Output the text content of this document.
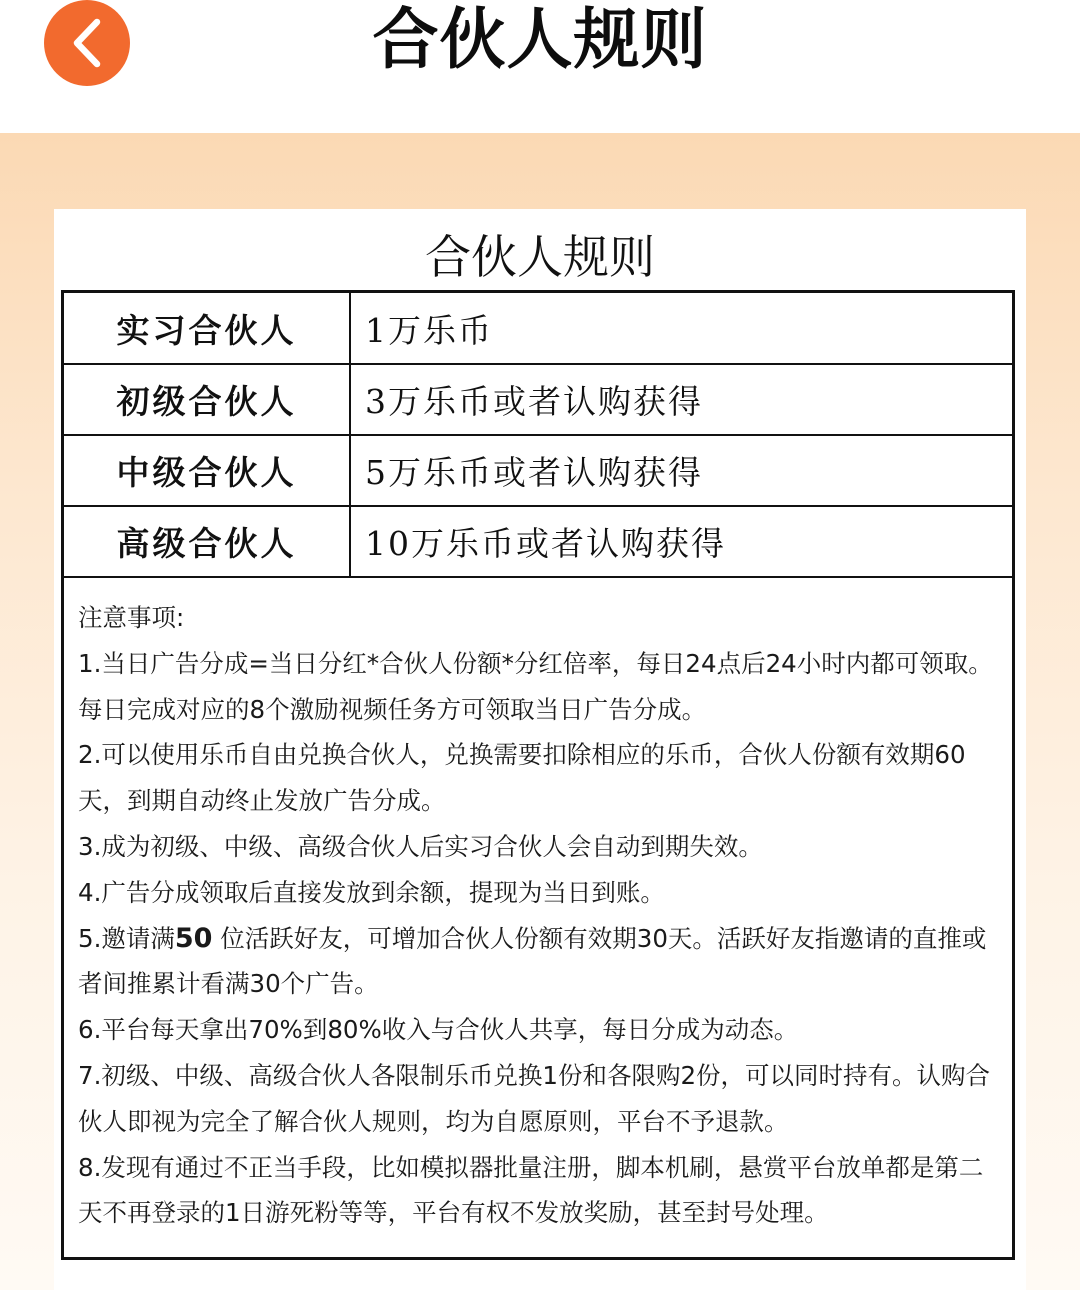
合伙人规则
合伙人规则
实习合伙人	1万乐币
初级合伙人	3万乐币或者认购获得
中级合伙人	5万乐币或者认购获得
高级合伙人	10万乐币或者认购获得

注意事项:

1.当日广告分成=当日分红*合伙人份额*分红倍率，每日24点后24小时内都可领取。每日完成对应的8个激励视频任务方可领取当日广告分成。

2.可以使用乐币自由兑换合伙人，兑换需要扣除相应的乐币，合伙人份额有效期60天，到期自动终止发放广告分成。

3.成为初级、中级、高级合伙人后实习合伙人会自动到期失效。

4.广告分成领取后直接发放到余额，提现为当日到账。

5.邀请满50 位活跃好友，可增加合伙人份额有效期30天。活跃好友指邀请的直推或者间推累计看满30个广告。

6.平台每天拿出70%到80%收入与合伙人共享，每日分成为动态。

7.初级、中级、高级合伙人各限制乐币兑换1份和各限购2份，可以同时持有。认购合伙人即视为完全了解合伙人规则，均为自愿原则，平台不予退款。

8.发现有通过不正当手段，比如模拟器批量注册，脚本机刷，悬赏平台放单都是第二天不再登录的1日游死粉等等，平台有权不发放奖励，甚至封号处理。
